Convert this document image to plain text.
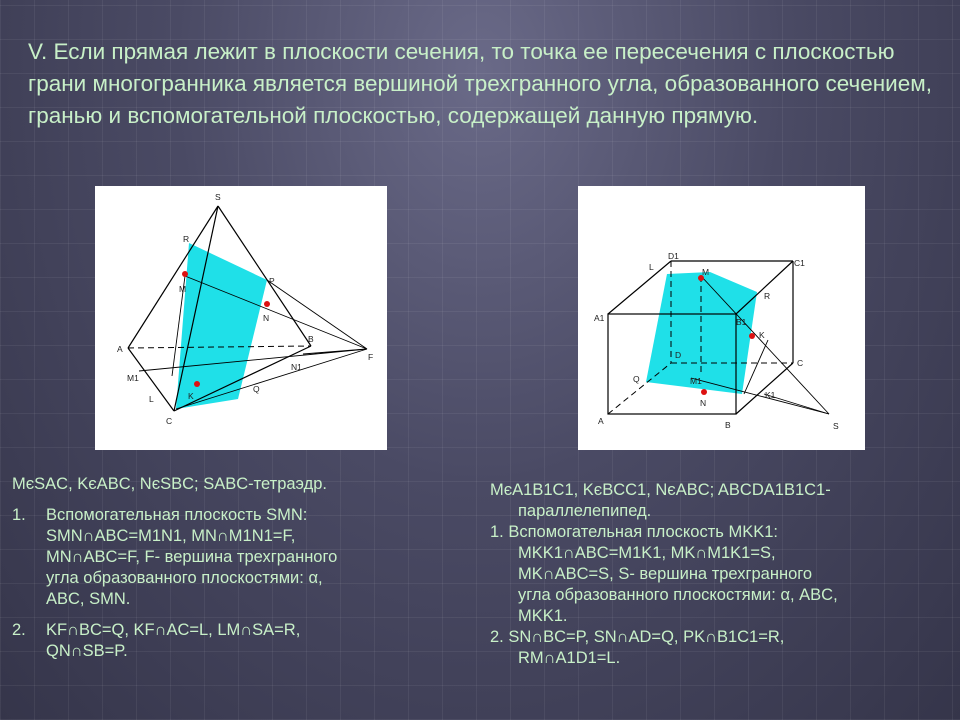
V. Если прямая лежит в плоскости сечения, то точка ее пересечения с плоскостью грани многогранника является вершиной трехгранного угла, образованного сечением, гранью и вспомогательной плоскостью, содержащей данную прямую.
S
R
M
P
N
A
B
F
M1
N1
L	K
Q
C
D1
C1
L	M
R
A1	B1
K
D
C
Q	M1
N
K1
A	B	S
MєSAC, KєABC, NєSBC; SABC-тетраэдр.
1. Вспомогательная плоскость SMN:
SMN∩ABC=M1N1, MN∩M1N1=F,
MN∩ABC=F, F- вершина трехгранного
угла образованного плоскостями: α,
ABC, SMN.
2. KF∩BC=Q, KF∩AC=L, LM∩SA=R,
QN∩SB=P.
MєA1B1C1, KєBCC1, NєABC; ABCDA1B1C1-
параллелепипед.
1. Вспомогательная плоскость MKK1:
MKK1∩ABC=M1K1, MK∩M1K1=S,
MK∩ABC=S, S- вершина трехгранного
угла образованного плоскостями: α, ABC,
MKK1.
2. SN∩BC=P, SN∩AD=Q, PK∩B1C1=R,
RM∩A1D1=L.
